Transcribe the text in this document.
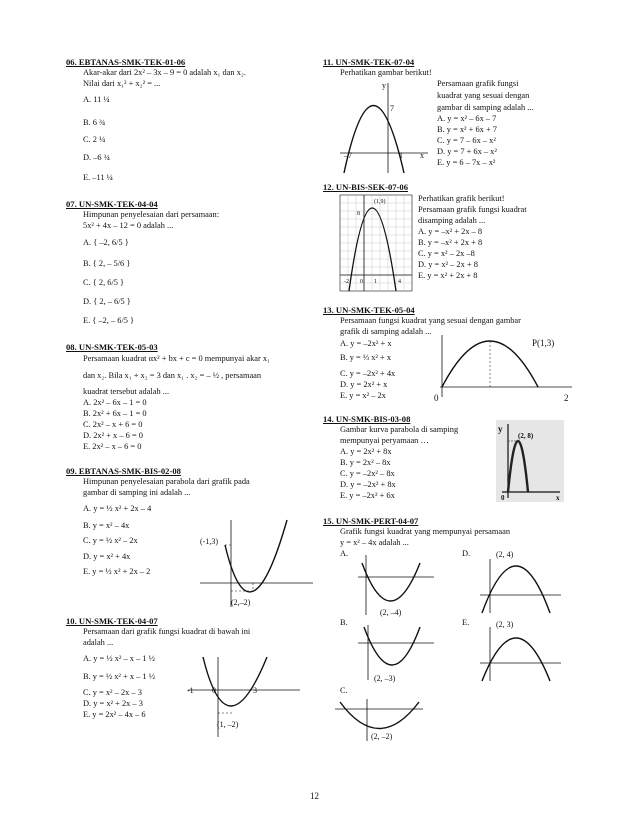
06. EBTANAS-SMK-TEK-01-06
Akar-akar dari 2x² – 3x – 9 = 0 adalah x₁ dan x₂.
Nilai dari x₁² + x₂² = ...
A. 11 ¼
B. 6 ¾
C. 2 ¼
D. –6 ¾
E. –11 ¼
07. UN-SMK-TEK-04-04
Himpunan penyelesaian dari persamaan:
5x² + 4x – 12 = 0 adalah ...
A. { –2, 6/5 }
B. { 2, – 5/6 }
C. { 2, 6/5 }
D. { 2, – 6/5 }
E. { –2, – 6/5 }
08. UN-SMK-TEK-05-03
Persamaan kuadrat αx² + bx + c = 0 mempunyai akar x₁
dan x₂. Bila x₁ + x₂ = 3 dan x₁ . x₂ = – ½ , persamaan
kuadrat tersebut adalah ...
A. 2x² – 6x – 1 = 0
B. 2x² + 6x – 1 = 0
C. 2x² – x + 6 = 0
D. 2x² + x – 6 = 0
E. 2x² – x – 6 = 0
09. EBTANAS-SMK-BIS-02-08
Himpunan penyelesaian parabola dari grafik pada
gambar di samping ini adalah ...
A. y = ½ x² + 2x – 4
B. y = x² – 4x
C. y = ½ x² – 2x
D. y = x² + 4x
E. y = ½ x² + 2x – 2
(-1,3)
(2,–2)
10. UN-SMK-TEK-04-07
Persamaan dari grafik fungsi kuadrat di bawah ini
adalah ...
A. y = ½ x² – x – 1 ½
B. y = ½ x² + x – 1 ½
C. y = x² – 2x – 3
D. y = x² + 2x – 3
E. y = 2x² – 4x – 6
-1 0	3
(1, –2)
11. UN-SMK-TEK-07-04
Perhatikan gambar berikut!
Persamaan grafik fungsi
kuadrat yang sesuai dengan
gambar di samping adalah ...
A. y = x² – 6x – 7
B. y = x² + 6x + 7
C. y = 7 – 6x – x²
D. y = 7 + 6x – x²
E. y = 6 – 7x – x²
y
7
–7	1 x
12. UN-BIS-SEK-07-06
Perhatikan grafik berikut!
Persamaan grafik fungsi kuadrat
disamping adalah ...
A. y = –x² + 2x – 8
B. y = –x² + 2x + 8
C. y = x² – 2x –8
D. y = x² – 2x + 8
E. y = x² + 2x + 8
(1,9)
8
-2 0 1	4
13. UN-SMK-TEK-05-04
Persamaan fungsi kuadrat yang sesuai dengan gambar
grafik di samping adalah ...
A. y = –2x² + x
B. y = ⅓ x² + x
C. y = –2x² + 4x
D. y = 2x² + x
E. y = x² – 2x
P(1,3)
0	2
14. UN-SMK-BIS-03-08
Gambar kurva parabola di samping
mempunyai peryamaan …
A. y = 2x² + 8x
B. y = 2x² – 8x
C. y = –2x² – 8x
D. y = –2x² + 8x
E. y = –2x² + 6x
y
(2, 8)
0	x
15. UN-SMK-PERT-04-07
Grafik fungsi kuadrat yang mempunyai persamaan
y = x² – 4x adalah ...
A.
B.
C.
D.
E.
(2, –4)
(2, –3)
(2, –2)
(2, 4)
(2, 3)
12
